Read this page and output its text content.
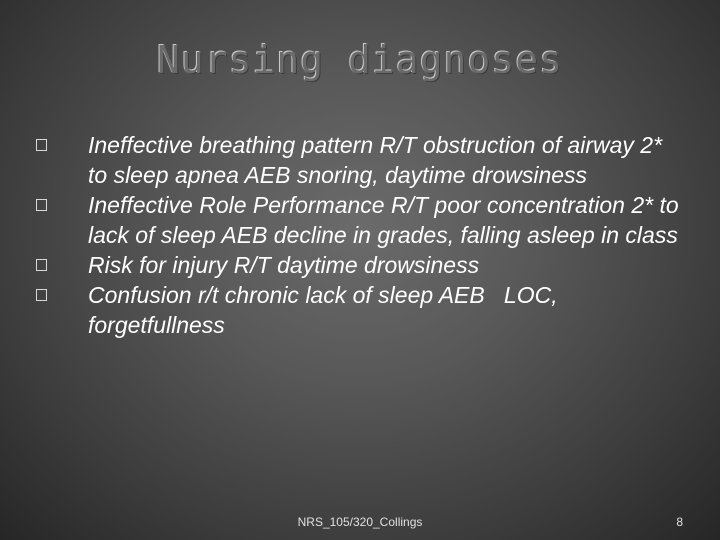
Nursing diagnoses
Ineffective breathing pattern R/T obstruction of airway 2* to sleep apnea AEB snoring, daytime drowsiness
Ineffective Role Performance R/T poor concentration 2* to lack of sleep AEB decline in grades, falling asleep in class
Risk for injury R/T daytime drowsiness
Confusion r/t chronic lack of sleep AEB   LOC, forgetfullness
NRS_105/320_Collings	8
